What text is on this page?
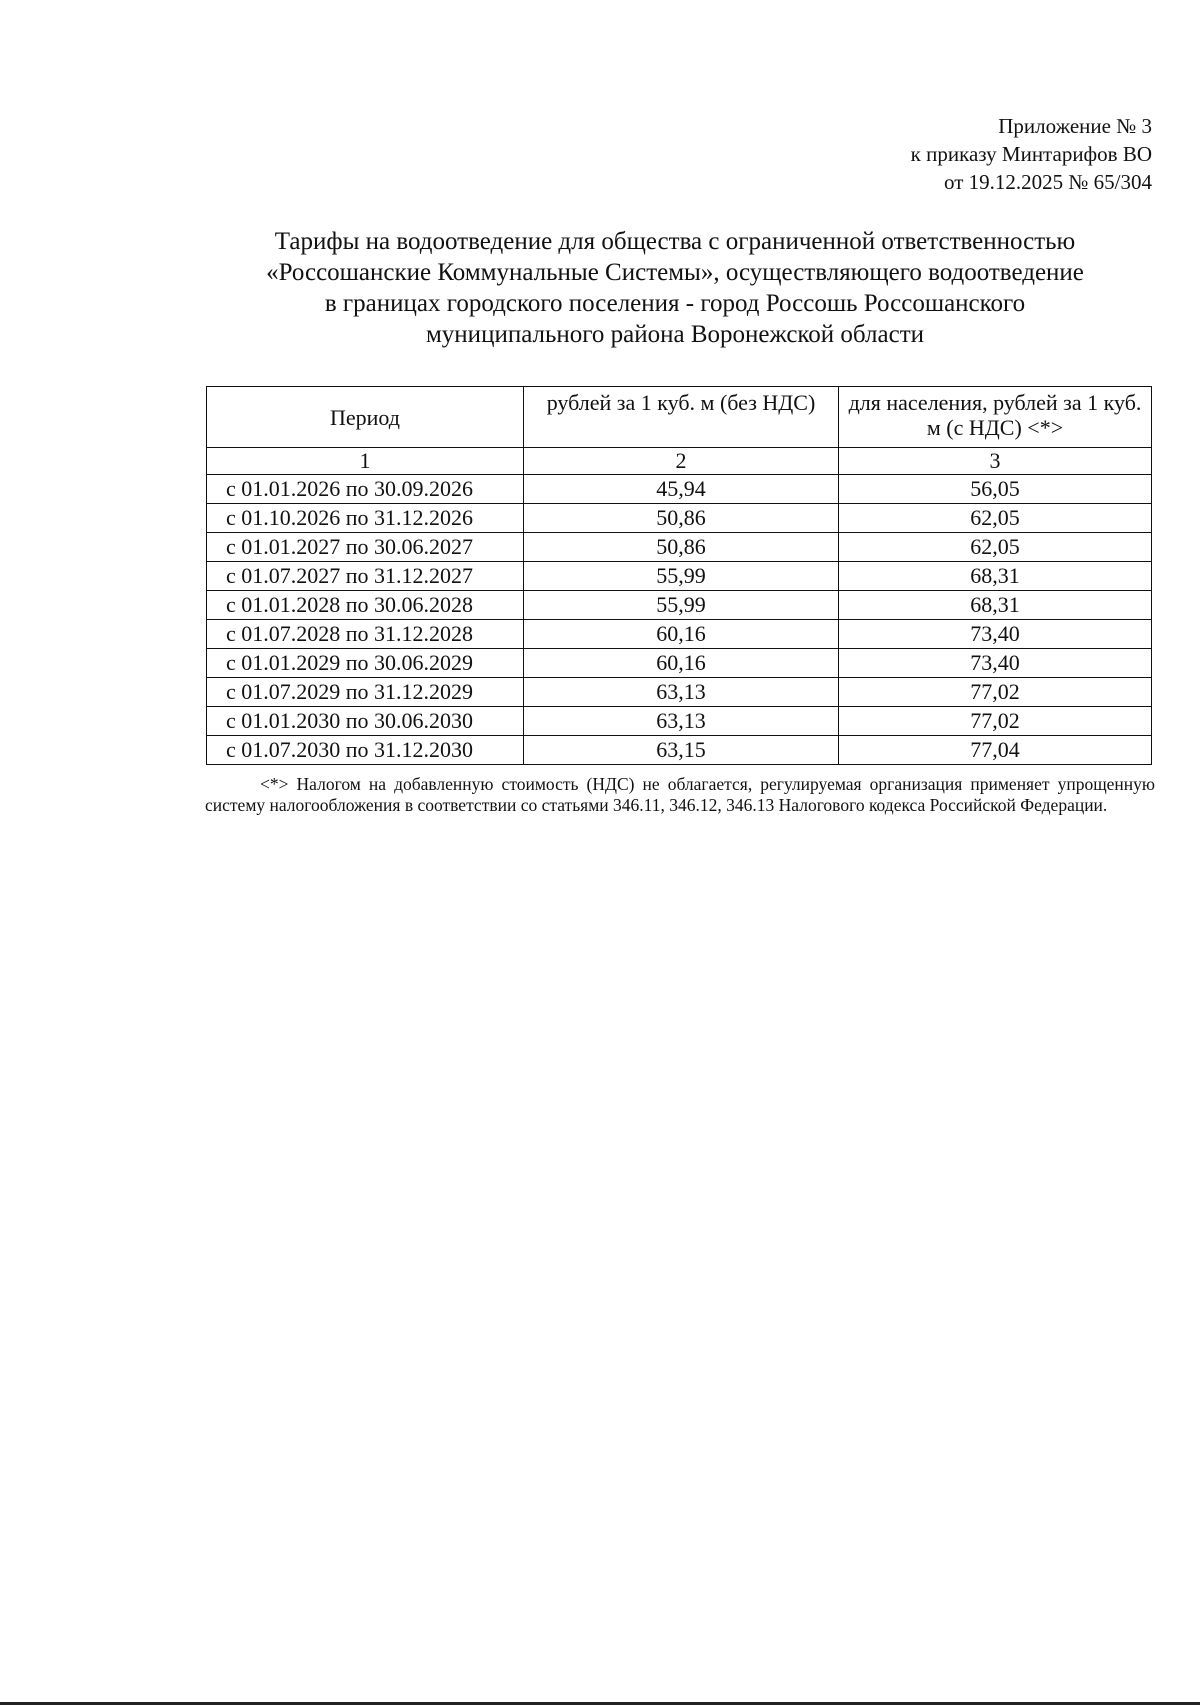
Приложение № 3
к приказу Минтарифов ВО
от 19.12.2025 № 65/304
Тарифы на водоотведение для общества с ограниченной ответственностью
«Россошанские Коммунальные Системы», осуществляющего водоотведение
в границах городского поселения - город Россошь Россошанского
муниципального района Воронежской области
Период	рублей за 1 куб. м (без НДС)	для населения, рублей за 1 куб. м (с НДС) <*>
1	2	3
с 01.01.2026 по 30.09.2026	45,94	56,05
с 01.10.2026 по 31.12.2026	50,86	62,05
с 01.01.2027 по 30.06.2027	50,86	62,05
с 01.07.2027 по 31.12.2027	55,99	68,31
с 01.01.2028 по 30.06.2028	55,99	68,31
с 01.07.2028 по 31.12.2028	60,16	73,40
с 01.01.2029 по 30.06.2029	60,16	73,40
с 01.07.2029 по 31.12.2029	63,13	77,02
с 01.01.2030 по 30.06.2030	63,13	77,02
с 01.07.2030 по 31.12.2030	63,15	77,04
<*> Налогом на добавленную стоимость (НДС) не облагается, регулируемая организация применяет упрощенную систему налогообложения в соответствии со статьями 346.11, 346.12, 346.13 Налогового кодекса Российской Федерации.
